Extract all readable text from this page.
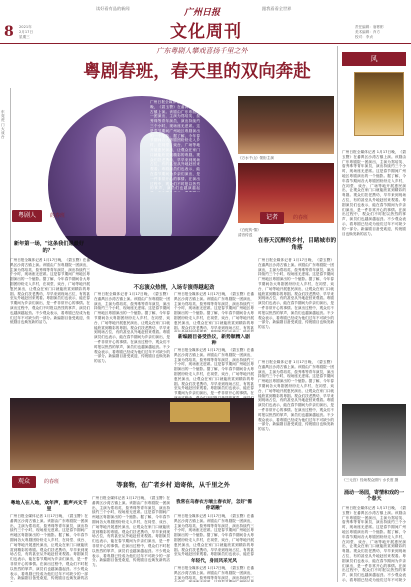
8 2021年
2月17日
星期三
读好看有品的新闻	跟我看看全世界
广州日报
文化周刊	责任编辑：唐彬彬
美术编辑：肖方
校对：李贞
广东粤剧人攀戏喜扬千里之外
粤剧春班，春天里的双向奔赴
东莞虎门大戏台
广州日报全媒体记者 1月17日晚，《碧玉簪》在番禺区沙湾古镇上演。该剧由广东粤剧院一团演出，主演为郑培英、詹秀珠等青年演员，演出持续约三个小时，现场座无虚席。这是春节期间广州地区粤剧演出的一个缩影。据了解，今年春节期间各大粤剧团纷纷走入乡村，在祠堂、戏台、广场等地开展惠民演出，让观众在家门口就能欣赏到精彩的粤剧。观众们扶老携幼，早早来到现场占位，有的甚至从外地赶回来观看。粤剧演员们也表示，能在春节期间为乡亲们演出，是一件非常开心的事情。在演出过程中，观众们不时报以热烈的掌声，演员们也越演越起
《白蛇传·情》
清音传送
《万水千山》领衔主演
粤剧人	的春班
新年第一场，"这条我们是最好的？"
广州日报全媒体记者 1月17日晚，《碧玉簪》在番禺区沙湾古镇上演。该剧由广东粤剧院一团演出，主演为郑培英、詹秀珠等青年演员，演出持续约三个小时，现场座无虚席。这是春节期间广州地区粤剧演出的一个缩影。据了解，今年春节期间各大粤剧团纷纷走入乡村，在祠堂、戏台、广场等地开展惠民演出，让观众在家门口就能欣赏到精彩的粤剧。观众们扶老携幼，早早来到现场占位，有的甚至从外地赶回来观看。粤剧演员们也表示，能在春节期间为乡亲们演出，是一件非常开心的事情。在演出过程中，观众们不时报以热烈的掌声，演员们也越演越起劲。不少观众表示，看粤剧已经成为他们过年不可缺少的一部分。新编剧目备受欢迎，传统剧目也焕发新的活力。
不忘演众热情，入场专演得越起劲
广州日报全媒体记者 1月17日晚，《碧玉簪》在番禺区沙湾古镇上演。该剧由广东粤剧院一团演出，主演为郑培英、詹秀珠等青年演员，演出持续约三个小时，现场座无虚席。这是春节期间广州地区粤剧演出的一个缩影。据了解，今年春节期间各大粤剧团纷纷走入乡村，在祠堂、戏台、广场等地开展惠民演出，让观众在家门口就能欣赏到精彩的粤剧。观众们扶老携幼，早早来到现场占位，有的甚至从外地赶回来观看。粤剧演员们也表示，能在春节期间为乡亲们演出，是一件非常开心的事情。在演出过程中，观众们不时报以热烈的掌声，演员们也越演越起劲。不少观众表示，看粤剧已经成为他们过年不可缺少的一部分。新编剧目备受欢迎，传统剧目也焕发新的活力。
广州日报全媒体记者 1月17日晚，《碧玉簪》在番禺区沙湾古镇上演。该剧由广东粤剧院一团演出，主演为郑培英、詹秀珠等青年演员，演出持续约三个小时，现场座无虚席。这是春节期间广州地区粤剧演出的一个缩影。据了解，今年春节期间各大粤剧团纷纷走入乡村，在祠堂、戏台、广场等地开展惠民演出，让观众在家门口就能欣赏到精彩的粤剧。观众们扶老携幼，早早来到现场占位，有的甚
新编剧目备受热议，新势顺精入剧种
广州日报全媒体记者 1月17日晚，《碧玉簪》在番禺区沙湾古镇上演。该剧由广东粤剧院一团演出，主演为郑培英、詹秀珠等青年演员，演出持续约三个小时，现场座无虚席。这是春节期间广州地区粤剧演出的一个缩影。据了解，今年春节期间各大粤剧团纷纷走入乡村，在祠堂、戏台、广场等地开展惠民演出，让观众在家门口就能欣赏到精彩的粤剧。观众们扶老携幼，早早来到现场占位，有的甚至从外地赶回来观看。粤剧演员们也表示，能在春节期间为乡亲们演出，是一件非常开心的事情。在
广州日报全媒体记者 1月17日晚，《碧玉簪》在番禺区沙湾古镇上演。该剧由广东粤剧院一团演出，主演为郑培英、詹秀珠等青年演员，演出持续约三个小时，现场座无虚席。这是春节期间广州地区粤剧演出的一个缩影。据了解，今年春节期间各大粤剧团纷纷走入乡村，在祠堂、戏台、广场等地开展惠民演出，让观众在家门口就能欣赏到精彩的粤剧。观众们扶老携幼，早早来到现场占位，有的甚至从外地赶回来观看。粤剧演员们也表示，能在春节期间为乡亲们演出，是一件非常开心的事情。在演出过程中，观众们不时报以热烈的掌声，演员们也越演越起劲。不少观众表示，看粤剧已经成为他们过年不可缺少的一部分。新编剧目备受欢迎，传统剧目也焕发新的活力。
记者	的春班
在春天沉醉的乡村，目睹城市的角落
广州日报全媒体记者 1月17日晚，《碧玉簪》在番禺区沙湾古镇上演。该剧由广东粤剧院一团演出，主演为郑培英、詹秀珠等青年演员，演出持续约三个小时，现场座无虚席。这是春节期间广州地区粤剧演出的一个缩影。据了解，今年春节期间各大粤剧团纷纷走入乡村，在祠堂、戏台、广场等地开展惠民演出，让观众在家门口就能欣赏到精彩的粤剧。观众们扶老携幼，早早来到现场占位，有的甚至从外地赶回来观看。粤剧演员们也表示，能在春节期间为乡亲们演出，是一件非常开心的事情。在演出过程中，观众们不时报以热烈的掌声，演员们也越演越起劲。不少观众表示，看粤剧已经成为他们过年不可缺少的一部分。新编剧目备受欢迎，传统剧目也焕发新的活力。
观众	的春班	等套物，在广者乡村 追寄侬，从千里之外
粤地人在人地，欢年声，重声兴文千里
广州日报全媒体记者 1月17日晚，《碧玉簪》在番禺区沙湾古镇上演。该剧由广东粤剧院一团演出，主演为郑培英、詹秀珠等青年演员，演出持续约三个小时，现场座无虚席。这是春节期间广州地区粤剧演出的一个缩影。据了解，今年春节期间各大粤剧团纷纷走入乡村，在祠堂、戏台、广场等地开展惠民演出，让观众在家门口就能欣赏到精彩的粤剧。观众们扶老携幼，早早来到现场占位，有的甚至从外地赶回来观看。粤剧演员们也表示，能在春节期间为乡亲们演出，是一件非常开心的事情。在演出过程中，观众们不时报以热烈的掌声，演员们也越演越起劲。不少观众表示，看粤剧已经成为他们过年不可缺少的一部分。新编剧目备受欢迎，传统剧目也焕发新的活
广州日报全媒体记者 1月17日晚，《碧玉簪》在番禺区沙湾古镇上演。该剧由广东粤剧院一团演出，主演为郑培英、詹秀珠等青年演员，演出持续约三个小时，现场座无虚席。这是春节期间广州地区粤剧演出的一个缩影。据了解，今年春节期间各大粤剧团纷纷走入乡村，在祠堂、戏台、广场等地开展惠民演出，让观众在家门口就能欣赏到精彩的粤剧。观众们扶老携幼，早早来到现场占位，有的甚至从外地赶回来观看。粤剧演员们也表示，能在春节期间为乡亲们演出，是一件非常开心的事情。在演出过程中，观众们不时报以热烈的掌声，演员们也越演越起劲。不少观众表示，看粤剧已经成为他们过年不可缺少的一部分。新编剧目备受欢迎，传统剧目也焕发新的活力。
我常在乌春衣方端土春衣好，怎好"需你诺融"
广州日报全媒体记者 1月17日晚，《碧玉簪》在番禺区沙湾古镇上演。该剧由广东粤剧院一团演出，主演为郑培英、詹秀珠等青年演员，演出持续约三个小时，现场座无虚席。这是春节期间广州地区粤剧演出的一个缩影。据了解，今年春节期间各大粤剧团纷纷走入乡村，在祠堂、戏台、广场等地开展惠民演出，让观众在家门口就能欣赏到精彩的粤剧。观众们扶老携幼，早早来到现场占位，有的甚至从外地赶回来观看。粤剧演员们也表示，能在春
年轻代，身回风采光风
广州日报全媒体记者 1月17日晚，《碧玉簪》在番禺区沙湾古镇上演。该剧由广东粤剧院一团演出，主演为郑培英、詹秀珠等青年演员，演出持续约三
风
广州日报全媒体记者 1月17日晚，《碧玉簪》在番禺区沙湾古镇上演。该剧由广东粤剧院一团演出，主演为郑培英、詹秀珠等青年演员，演出持续约三个小时，现场座无虚席。这是春节期间广州地区粤剧演出的一个缩影。据了解，今年春节期间各大粤剧团纷纷走入乡村，在祠堂、戏台、广场等地开展惠民演出，让观众在家门口就能欣赏到精彩的粤剧。观众们扶老携幼，早早来到现场占位，有的甚至从外地赶回来观看。粤剧演员们也表示，能在春节期间为乡亲们演出，是一件非常开心的事情。在演出过程中，观众们不时报以热烈的掌声，演员们也越演越起劲。不少观众表示，看粤剧已经成为他们过年不可缺少的一部分。新编剧目备受欢迎，传统剧目也焕发新的活力。
《三元宫》经场观众照片 水长度 摄
涌动一场园，寄情和戏的一个春天
广州日报全媒体记者 1月17日晚，《碧玉簪》在番禺区沙湾古镇上演。该剧由广东粤剧院一团演出，主演为郑培英、詹秀珠等青年演员，演出持续约三个小时，现场座无虚席。这是春节期间广州地区粤剧演出的一个缩影。据了解，今年春节期间各大粤剧团纷纷走入乡村，在祠堂、戏台、广场等地开展惠民演出，让观众在家门口就能欣赏到精彩的粤剧。观众们扶老携幼，早早来到现场占位，有的甚至从外地赶回来观看。粤剧演员们也表示，能在春节期间为乡亲们演出，是一件非常开心的事情。在演出过程中，观众们不时报以热烈的掌声，演员们也越演越起劲。不少观众表示，看粤剧已经成为他们过年不可缺少
